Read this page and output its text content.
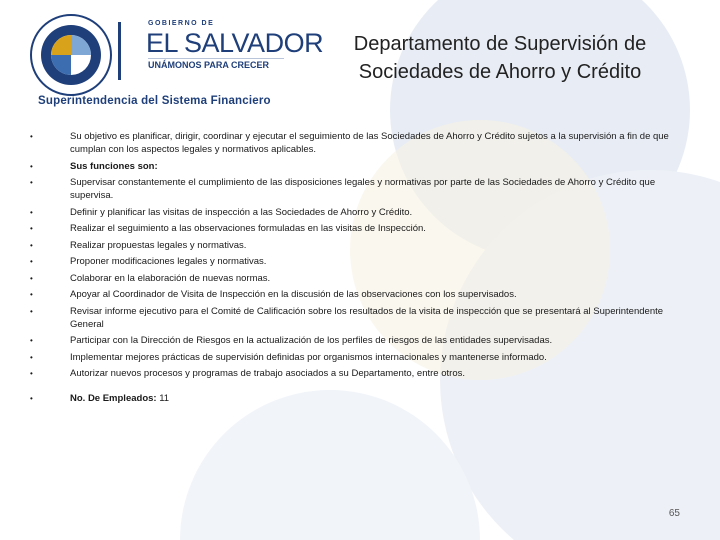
GOBIERNO DE
EL SALVADOR
UNÁMONOS PARA CRECER
Superintendencia del Sistema Financiero
Departamento de Supervisión de
Sociedades de Ahorro y Crédito
•	Su objetivo es planificar, dirigir, coordinar y ejecutar el seguimiento de las Sociedades de Ahorro y Crédito sujetos a la supervisión a fin de que cumplan con los aspectos legales y normativos aplicables.
•	Sus funciones son:
•	Supervisar constantemente el cumplimiento de las disposiciones legales y normativas por parte de las Sociedades de Ahorro y Crédito que supervisa.
•	Definir y planificar las visitas de inspección a las Sociedades de Ahorro y Crédito.
•	Realizar el seguimiento a las observaciones formuladas en las visitas de Inspección.
•	Realizar propuestas legales y normativas.
•	Proponer modificaciones legales y normativas.
•	Colaborar en la elaboración de nuevas normas.
•	Apoyar al Coordinador de Visita de Inspección en la discusión de las observaciones con los supervisados.
•	Revisar informe ejecutivo para el Comité de Calificación sobre los resultados de la visita de inspección que se presentará al Superintendente General
•	Participar con la Dirección de Riesgos en la actualización de los perfiles de riesgos de las entidades supervisadas.
•	Implementar mejores prácticas de supervisión definidas por organismos internacionales y mantenerse informado.
•	Autorizar nuevos procesos y programas de trabajo asociados a su Departamento, entre otros.
•	No. De Empleados: 11
65
